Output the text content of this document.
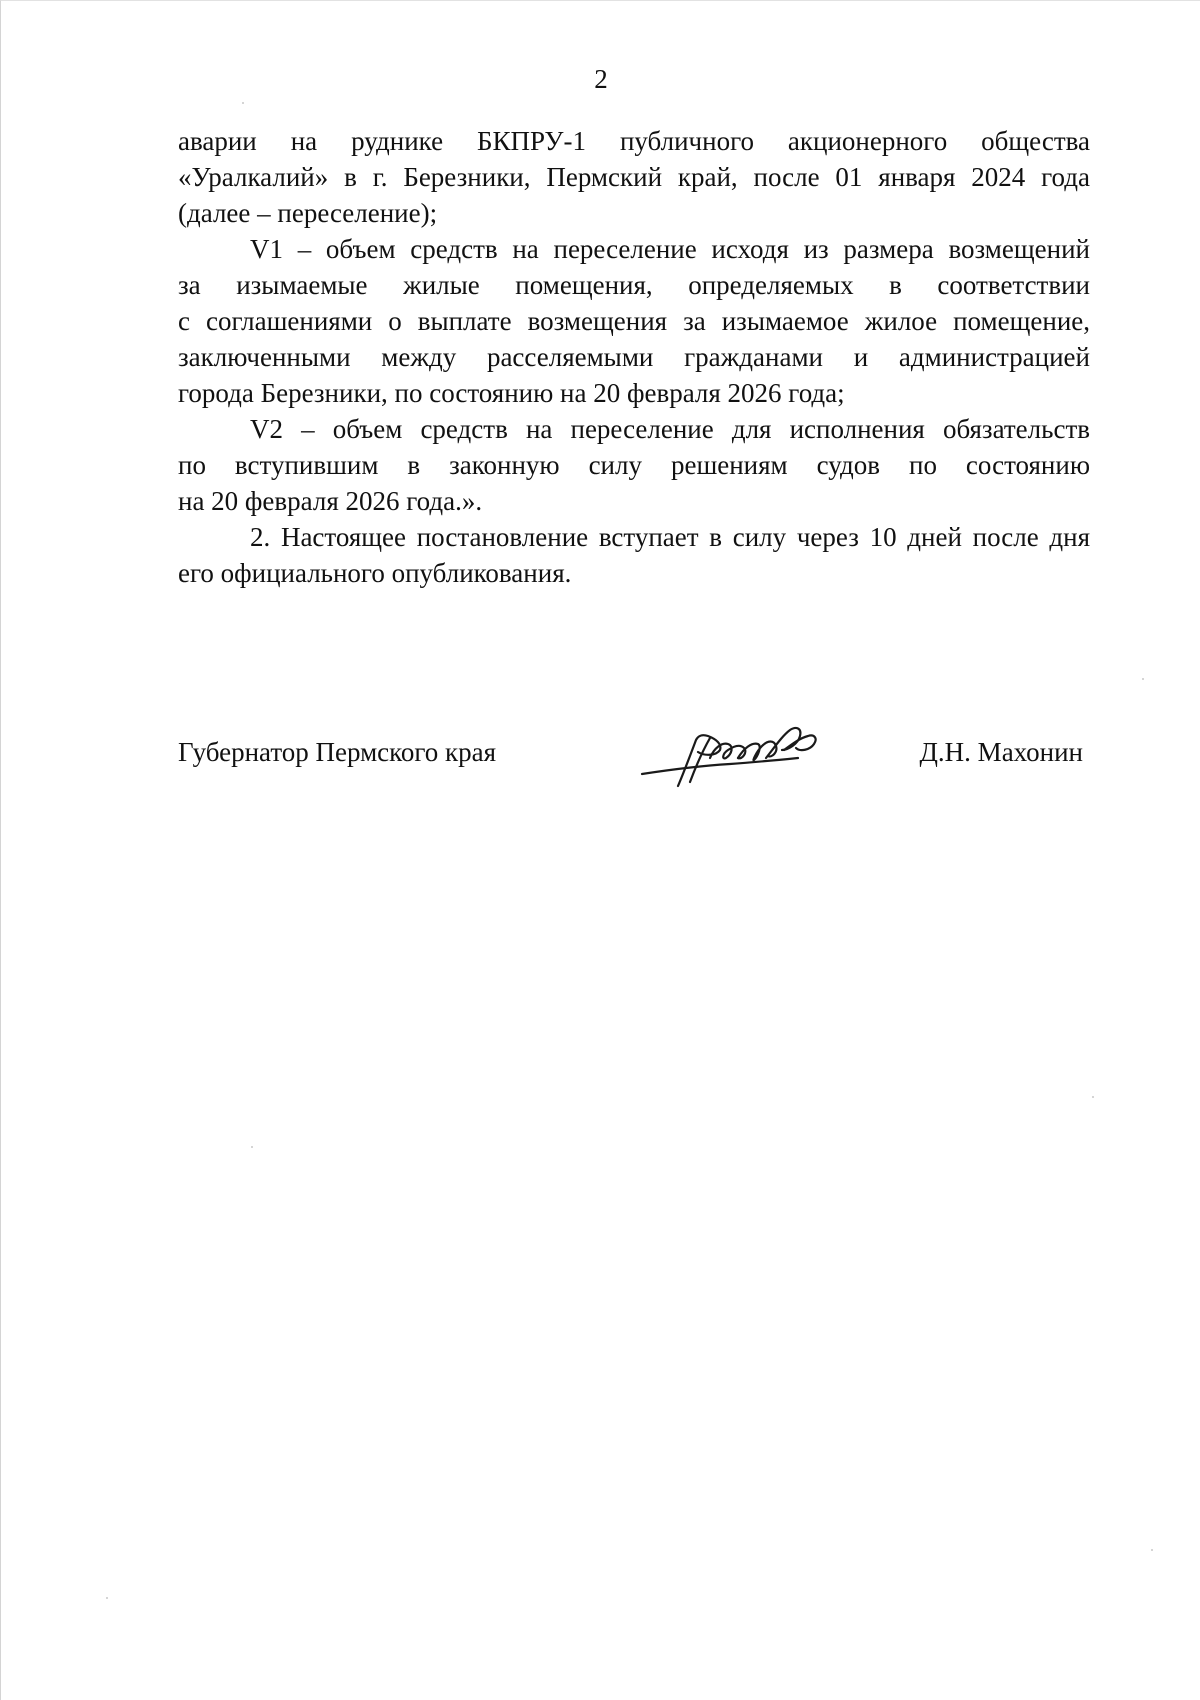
2

аварии на руднике БКПРУ-1 публичного акционерного общества
«Уралкалий» в г. Березники, Пермский край, после 01 января 2024 года
(далее – переселение);

V1 – объем средств на переселение исходя из размера возмещений
за изымаемые жилые помещения, определяемых в соответствии
с соглашениями о выплате возмещения за изымаемое жилое помещение,
заключенными между расселяемыми гражданами и администрацией
города Березники, по состоянию на 20 февраля 2026 года;

V2 – объем средств на переселение для исполнения обязательств
по вступившим в законную силу решениям судов по состоянию
на 20 февраля 2026 года.».

2. Настоящее постановление вступает в силу через 10 дней после дня
его официального опубликования.

Губернатор Пермского края	Д.Н. Махонин
